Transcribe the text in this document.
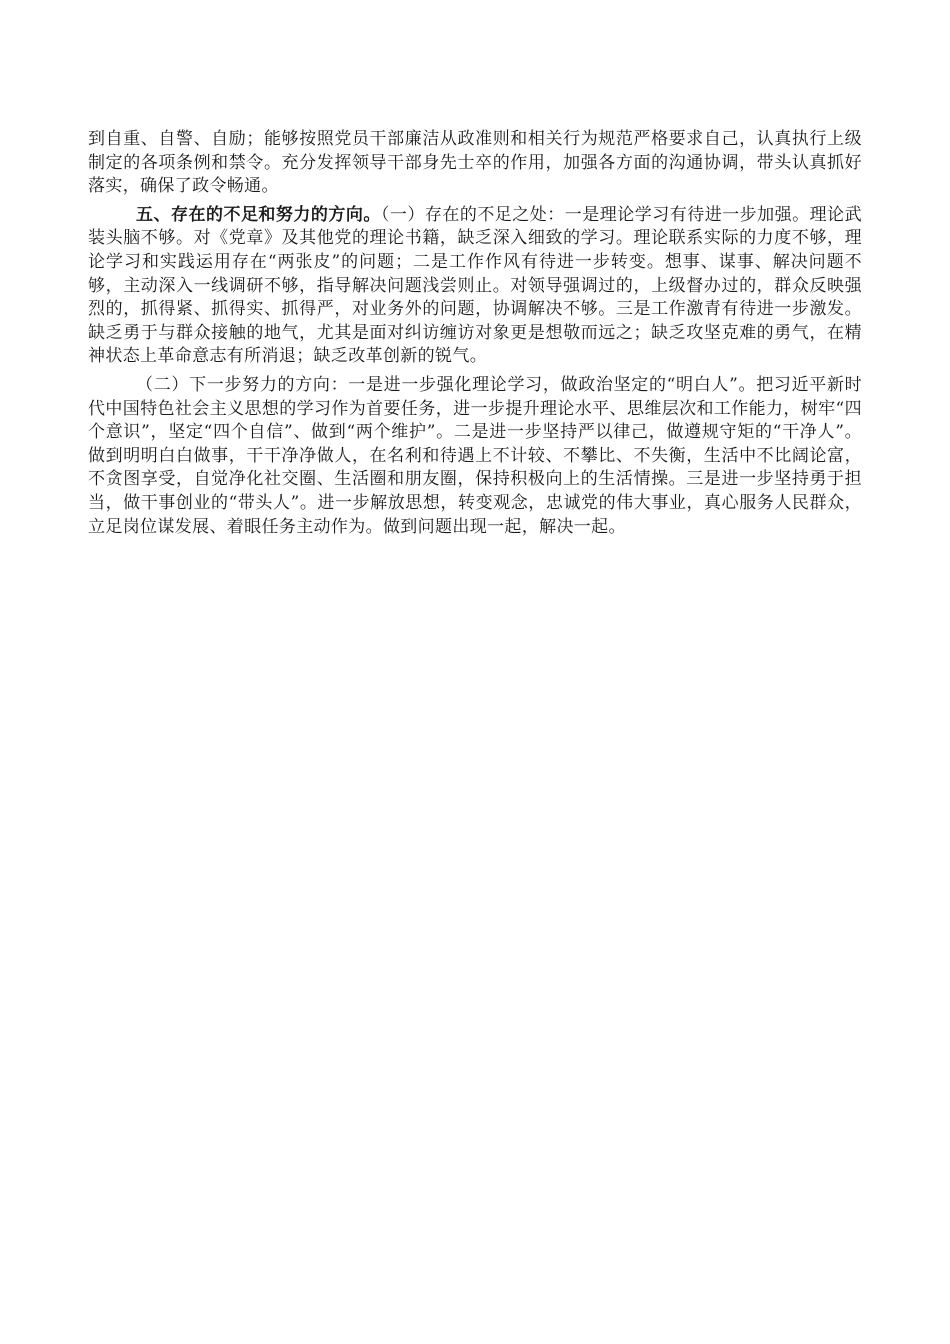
到自重、自警、自励；能够按照党员干部廉洁从政准则和相关行为规范严格要求自己，认真执行上级制定的各项条例和禁令。充分发挥领导干部身先士卒的作用，加强各方面的沟通协调，带头认真抓好落实，确保了政令畅通。

五、存在的不足和努力的方向。（一）存在的不足之处：一是理论学习有待进一步加强。理论武装头脑不够。对《党章》及其他党的理论书籍，缺乏深入细致的学习。理论联系实际的力度不够，理论学习和实践运用存在“两张皮”的问题；二是工作作风有待进一步转变。想事、谋事、解决问题不够，主动深入一线调研不够，指导解决问题浅尝则止。对领导强调过的，上级督办过的，群众反映强烈的，抓得紧、抓得实、抓得严，对业务外的问题，协调解决不够。三是工作激青有待进一步激发。缺乏勇于与群众接触的地气，尤其是面对纠访缠访对象更是想敬而远之；缺乏攻坚克难的勇气，在精神状态上革命意志有所消退；缺乏改革创新的锐气。

（二）下一步努力的方向：一是进一步强化理论学习，做政治坚定的“明白人”。把习近平新时代中国特色社会主义思想的学习作为首要任务，进一步提升理论水平、思维层次和工作能力，树牢“四个意识”，坚定“四个自信”、做到“两个维护”。二是进一步坚持严以律己，做遵规守矩的“干净人”。做到明明白白做事，干干净净做人，在名利和待遇上不计较、不攀比、不失衡，生活中不比阔论富，不贪图享受，自觉净化社交圈、生活圈和朋友圈，保持积极向上的生活情操。三是进一步坚持勇于担当，做干事创业的“带头人”。进一步解放思想，转变观念，忠诚党的伟大事业，真心服务人民群众，立足岗位谋发展、着眼任务主动作为。做到问题出现一起，解决一起。
